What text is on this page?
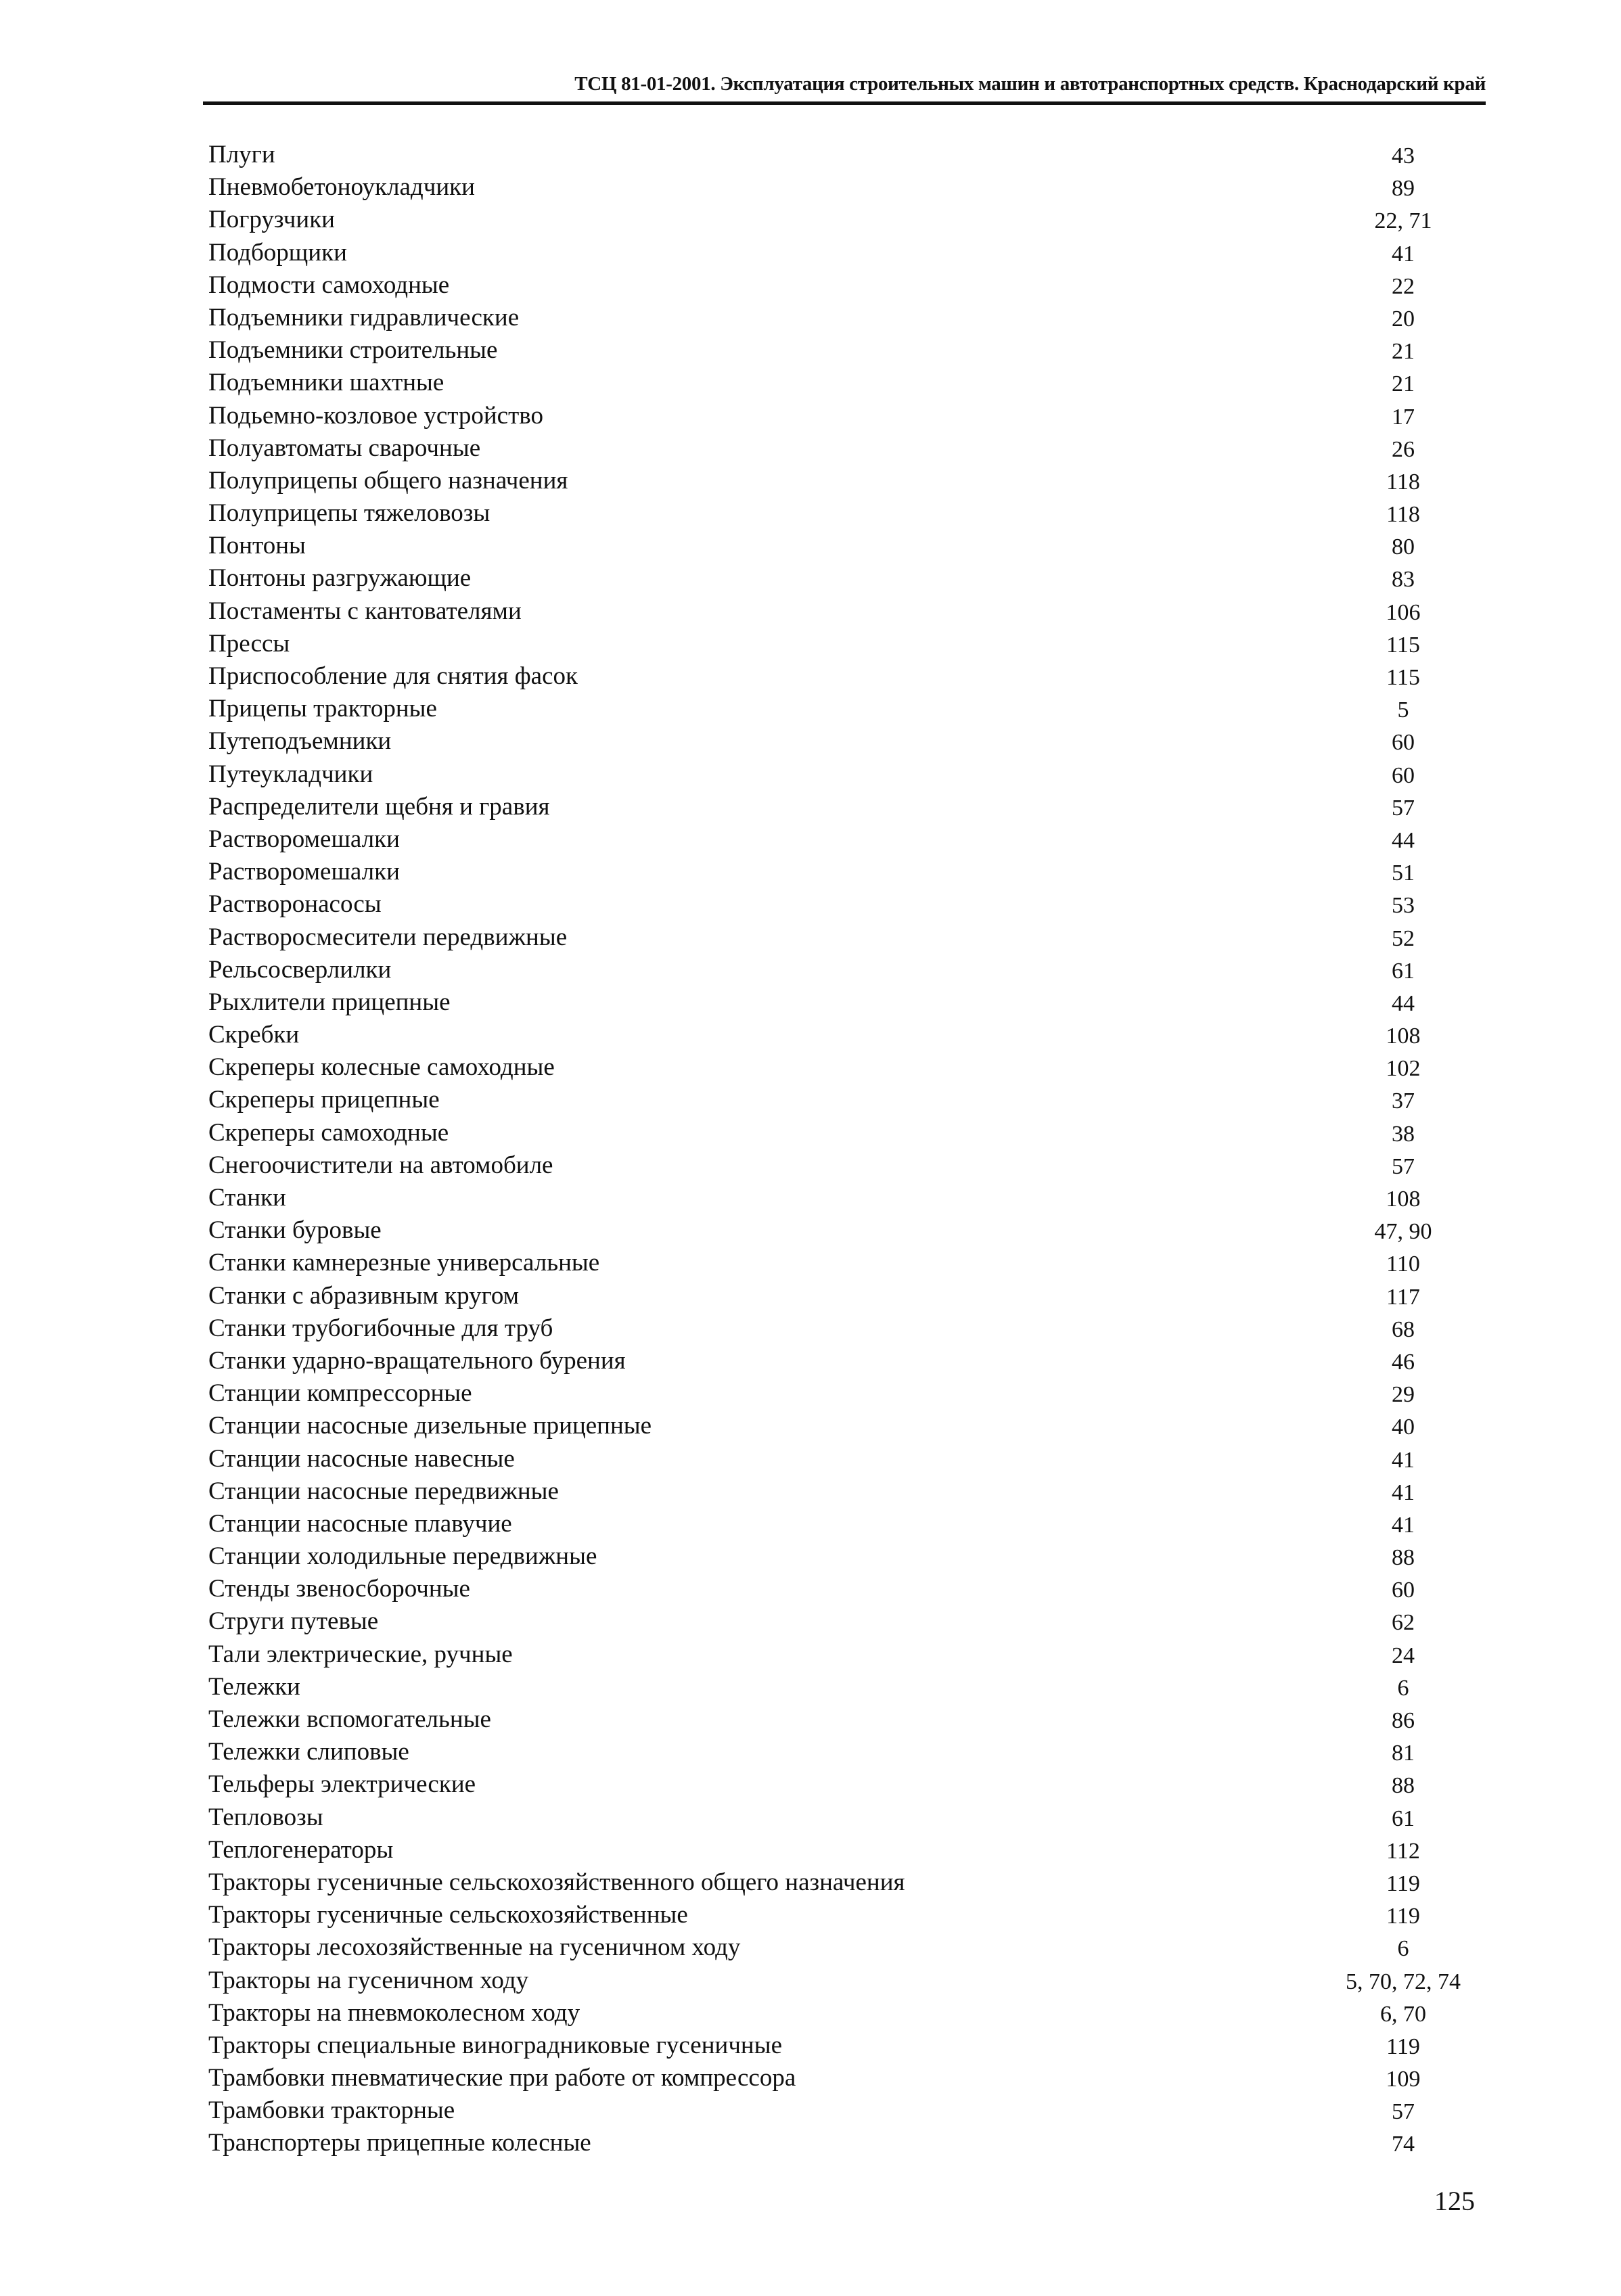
ТСЦ 81-01-2001. Эксплуатация строительных машин и автотранспортных средств. Краснодарский край
Плуги	43
Пневмобетоноукладчики	89
Погрузчики	22, 71
Подборщики	41
Подмости самоходные	22
Подъемники гидравлические	20
Подъемники строительные	21
Подъемники шахтные	21
Подьемно-козловое устройство	17
Полуавтоматы сварочные	26
Полуприцепы общего назначения	118
Полуприцепы тяжеловозы	118
Понтоны	80
Понтоны разгружающие	83
Постаменты с кантователями	106
Прессы	115
Приспособление для снятия фасок	115
Прицепы тракторные	5
Путеподъемники	60
Путеукладчики	60
Распределители щебня и гравия	57
Растворомешалки	44
Растворомешалки	51
Растворонасосы	53
Растворосмесители передвижные	52
Рельсосверлилки	61
Рыхлители прицепные	44
Скребки	108
Скреперы колесные самоходные	102
Скреперы прицепные	37
Скреперы самоходные	38
Снегоочистители на автомобиле	57
Станки	108
Станки буровые	47, 90
Станки камнерезные универсальные	110
Станки с абразивным кругом	117
Станки трубогибочные для труб	68
Станки ударно-вращательного бурения	46
Станции компрессорные	29
Станции насосные дизельные прицепные	40
Станции насосные навесные	41
Станции насосные передвижные	41
Станции насосные плавучие	41
Станции холодильные передвижные	88
Стенды звеносборочные	60
Струги путевые	62
Тали электрические, ручные	24
Тележки	6
Тележки вспомогательные	86
Тележки слиповые	81
Тельферы электрические	88
Тепловозы	61
Теплогенераторы	112
Тракторы гусеничные сельскохозяйственного общего назначения	119
Тракторы гусеничные сельскохозяйственные	119
Тракторы лесохозяйственные на гусеничном ходу	6
Тракторы на гусеничном ходу	5, 70, 72, 74
Тракторы на пневмоколесном ходу	6, 70
Тракторы специальные виноградниковые гусеничные	119
Трамбовки пневматические при работе от компрессора	109
Трамбовки тракторные	57
Транспортеры прицепные колесные	74
125
